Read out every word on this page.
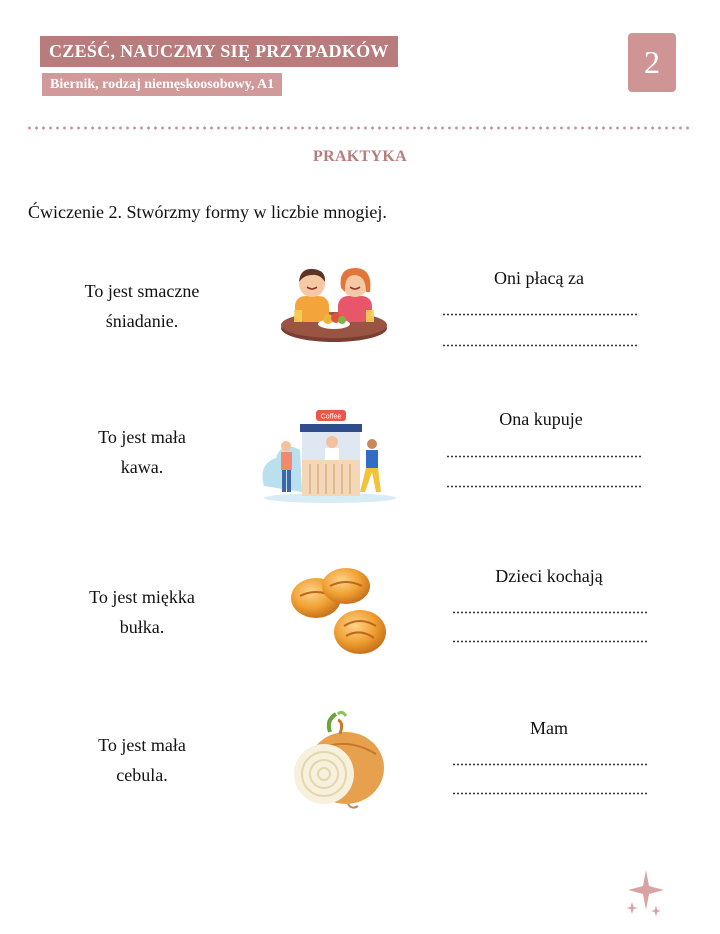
CZEŚĆ, NAUCZMY SIĘ PRZYPADKÓW
Biernik, rodzaj niemęskoosobowy, A1
2
PRAKTYKA
Ćwiczenie 2. Stwórzmy formy w liczbie mnogiej.
To jest smaczne
śniadanie.
Oni płacą za
To jest mała
kawa.
Coffee	Ona kupuje
To jest miękka
bułka.
Dzieci kochają
To jest mała
cebula.
Mam
